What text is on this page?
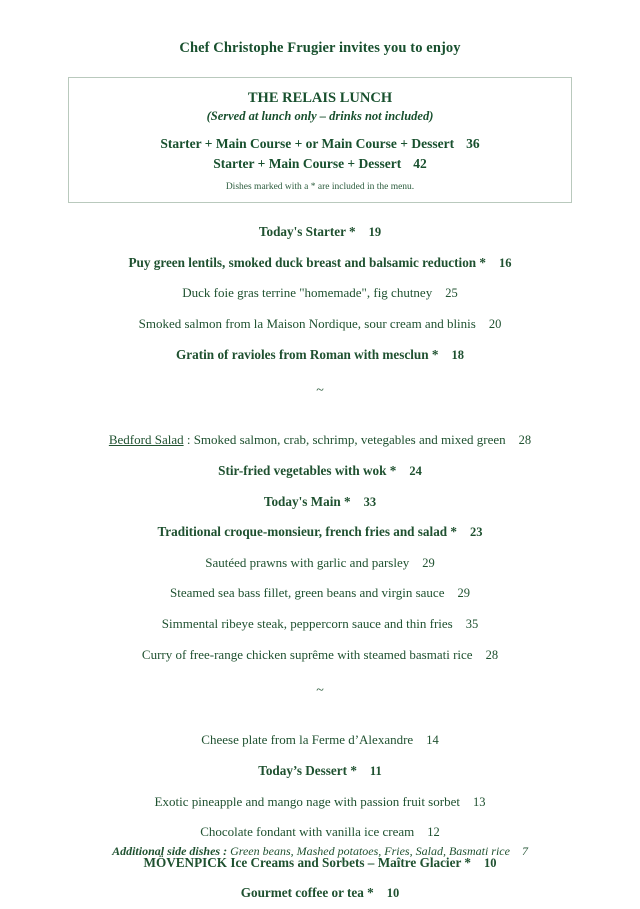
Chef Christophe Frugier invites you to enjoy
THE RELAIS LUNCH
(Served at lunch only – drinks not included)
Starter + Main Course + or Main Course + Dessert 36
Starter + Main Course + Dessert 42
Dishes marked with a * are included in the menu.
Today's Starter * 19
Puy green lentils, smoked duck breast and balsamic reduction * 16
Duck foie gras terrine "homemade", fig chutney 25
Smoked salmon from la Maison Nordique, sour cream and blinis 20
Gratin of ravioles from Roman with mesclun * 18
~
Bedford Salad : Smoked salmon, crab, schrimp, vetegables and mixed green 28
Stir-fried vegetables with wok * 24
Today's Main * 33
Traditional croque-monsieur, french fries and salad * 23
Sautéed prawns with garlic and parsley 29
Steamed sea bass fillet, green beans and virgin sauce 29
Simmental ribeye steak, peppercorn sauce and thin fries 35
Curry of free-range chicken suprême with steamed basmati rice 28
~
Cheese plate from la Ferme d’Alexandre 14
Today’s Dessert * 11
Exotic pineapple and mango nage with passion fruit sorbet 13
Chocolate fondant with vanilla ice cream 12
MÖVENPICK Ice Creams and Sorbets – Maître Glacier * 10
Gourmet coffee or tea * 10
Additional side dishes : Green beans, Mashed potatoes, Fries, Salad, Basmati rice 7
